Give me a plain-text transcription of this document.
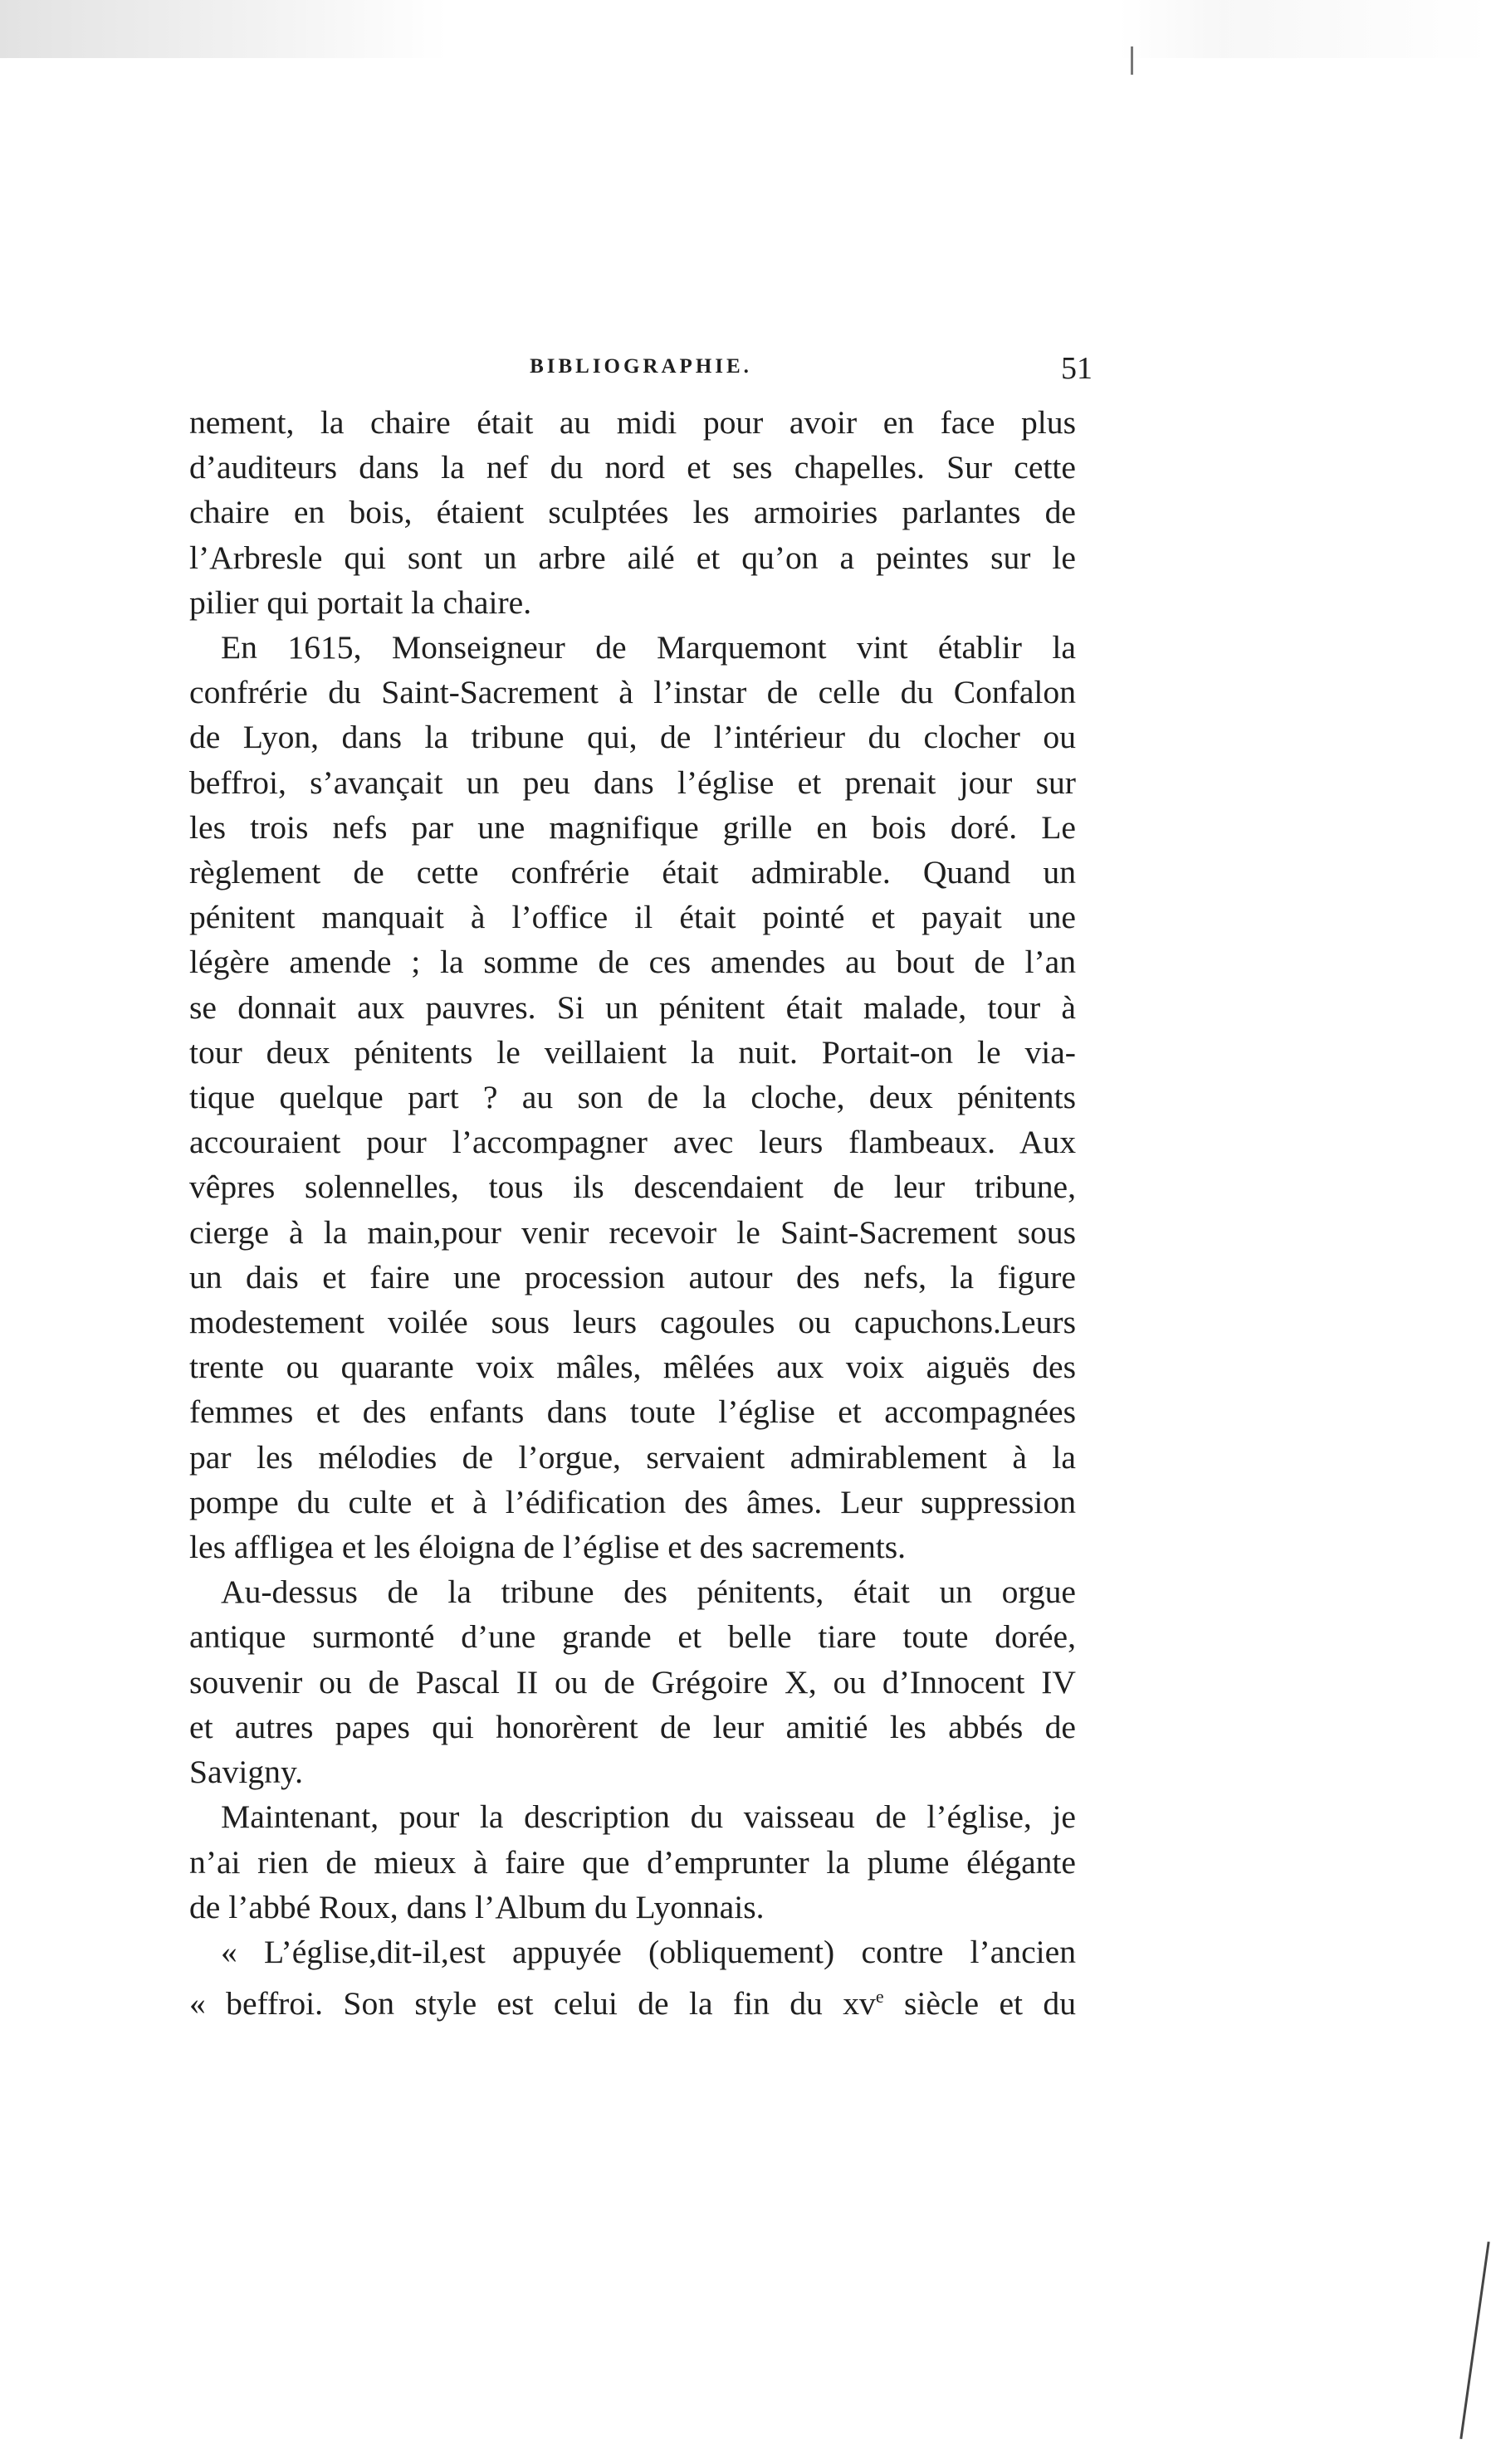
BIBLIOGRAPHIE.	51
nement, la chaire était au midi pour avoir en face plus
d’auditeurs dans la nef du nord et ses chapelles. Sur cette
chaire en bois, étaient sculptées les armoiries parlantes de
l’Arbresle qui sont un arbre ailé et qu’on a peintes sur le
pilier qui portait la chaire.
En 1615, Monseigneur de Marquemont vint établir la
confrérie du Saint-Sacrement à l’instar de celle du Confalon
de Lyon, dans la tribune qui, de l’intérieur du clocher ou
beffroi, s’avançait un peu dans l’église et prenait jour sur
les trois nefs par une magnifique grille en bois doré. Le
règlement de cette confrérie était admirable. Quand un
pénitent manquait à l’office il était pointé et payait une
légère amende ; la somme de ces amendes au bout de l’an
se donnait aux pauvres. Si un pénitent était malade, tour à
tour deux pénitents le veillaient la nuit. Portait-on le via-
tique quelque part ? au son de la cloche, deux pénitents
accouraient pour l’accompagner avec leurs flambeaux. Aux
vêpres solennelles, tous ils descendaient de leur tribune,
cierge à la main,pour venir recevoir le Saint-Sacrement sous
un dais et faire une procession autour des nefs, la figure
modestement voilée sous leurs cagoules ou capuchons.Leurs
trente ou quarante voix mâles, mêlées aux voix aiguës des
femmes et des enfants dans toute l’église et accompagnées
par les mélodies de l’orgue, servaient admirablement à la
pompe du culte et à l’édification des âmes. Leur suppression
les affligea et les éloigna de l’église et des sacrements.
Au-dessus de la tribune des pénitents, était un orgue
antique surmonté d’une grande et belle tiare toute dorée,
souvenir ou de Pascal II ou de Grégoire X, ou d’Innocent IV
et autres papes qui honorèrent de leur amitié les abbés de
Savigny.
Maintenant, pour la description du vaisseau de l’église, je
n’ai rien de mieux à faire que d’emprunter la plume élégante
de l’abbé Roux, dans l’Album du Lyonnais.
« L’église,dit-il,est appuyée (obliquement) contre l’ancien
« beffroi. Son style est celui de la fin du $xv^e$ siècle et du
